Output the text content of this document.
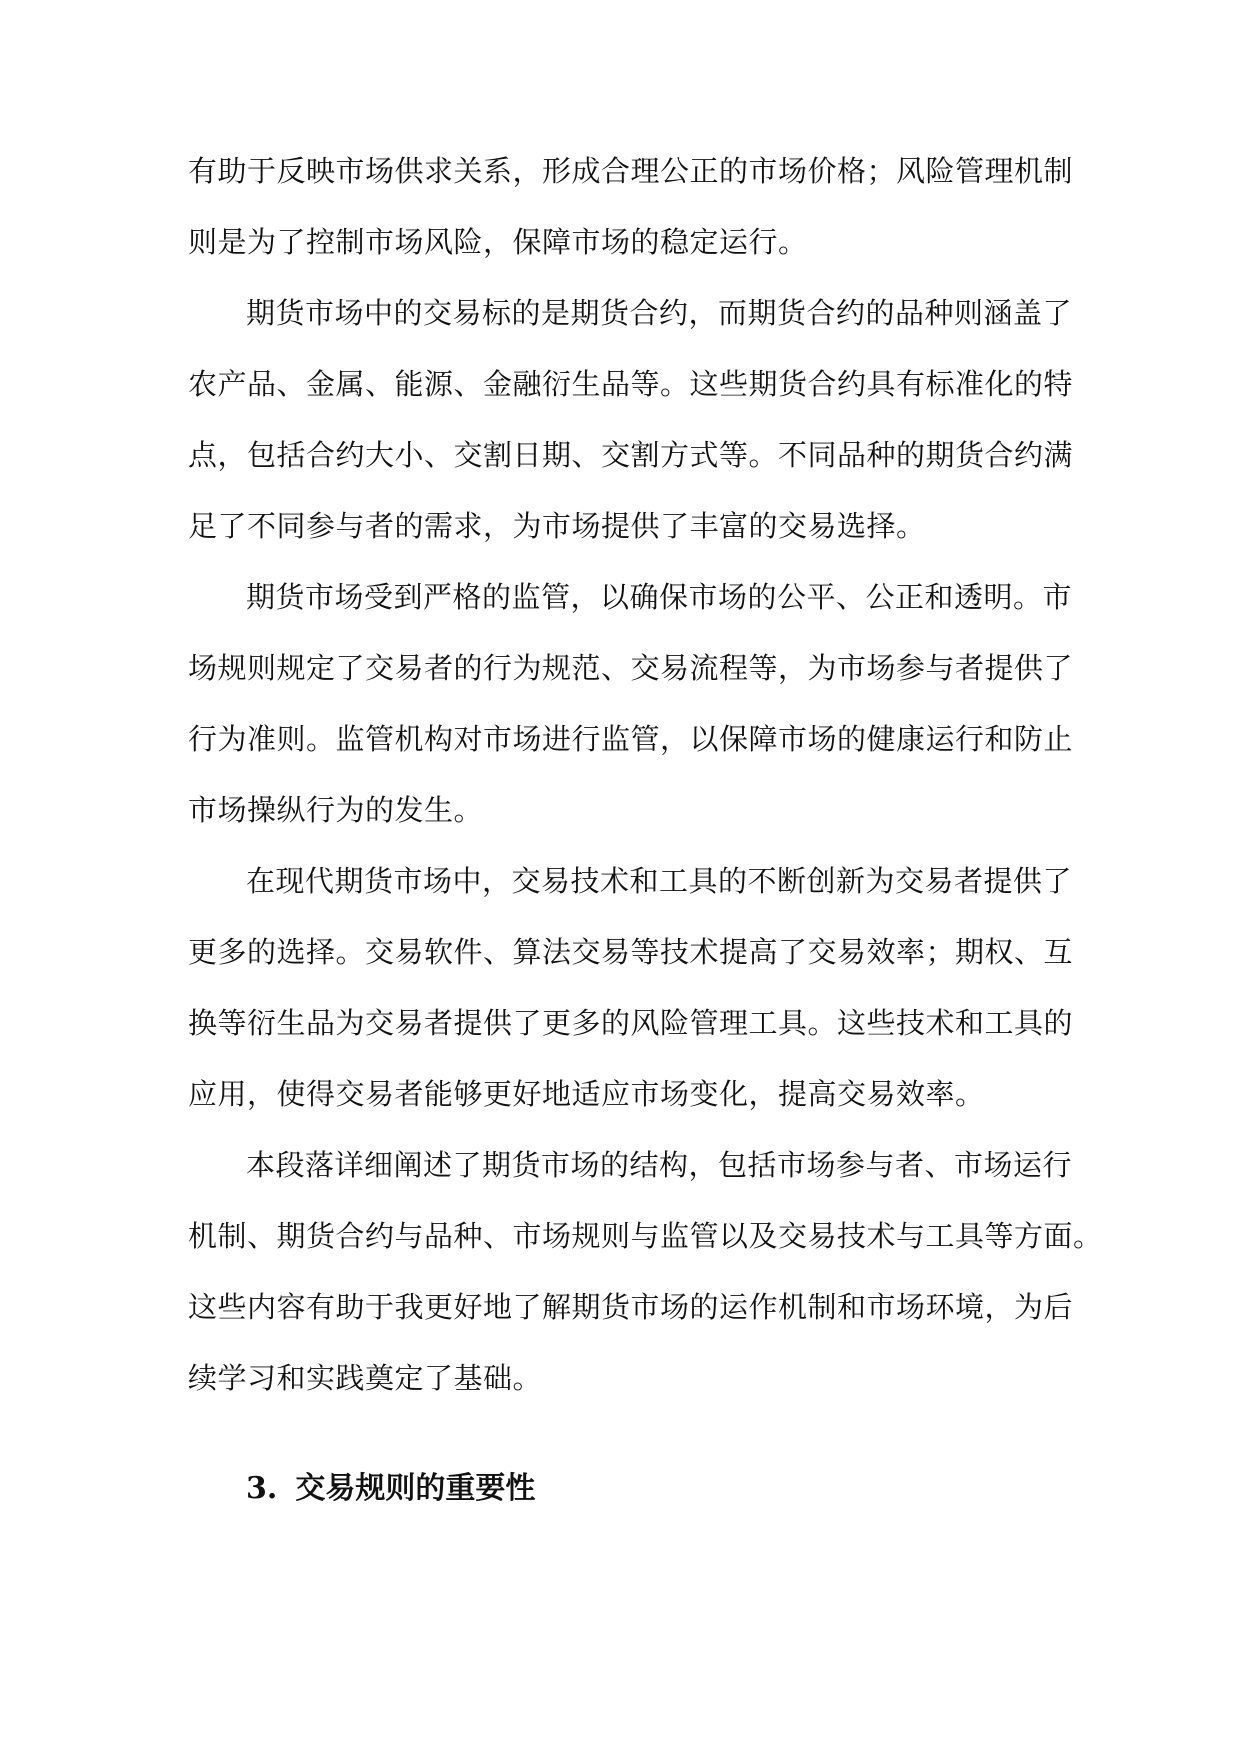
有助于反映市场供求关系，形成合理公正的市场价格；风险管理机制
则是为了控制市场风险，保障市场的稳定运行。
期货市场中的交易标的是期货合约，而期货合约的品种则涵盖了
农产品、金属、能源、金融衍生品等。这些期货合约具有标准化的特
点，包括合约大小、交割日期、交割方式等。不同品种的期货合约满
足了不同参与者的需求，为市场提供了丰富的交易选择。
期货市场受到严格的监管，以确保市场的公平、公正和透明。市
场规则规定了交易者的行为规范、交易流程等，为市场参与者提供了
行为准则。监管机构对市场进行监管，以保障市场的健康运行和防止
市场操纵行为的发生。
在现代期货市场中，交易技术和工具的不断创新为交易者提供了
更多的选择。交易软件、算法交易等技术提高了交易效率；期权、互
换等衍生品为交易者提供了更多的风险管理工具。这些技术和工具的
应用，使得交易者能够更好地适应市场变化，提高交易效率。
本段落详细阐述了期货市场的结构，包括市场参与者、市场运行
机制、期货合约与品种、市场规则与监管以及交易技术与工具等方面。
这些内容有助于我更好地了解期货市场的运作机制和市场环境，为后
续学习和实践奠定了基础。
3. 交易规则的重要性
